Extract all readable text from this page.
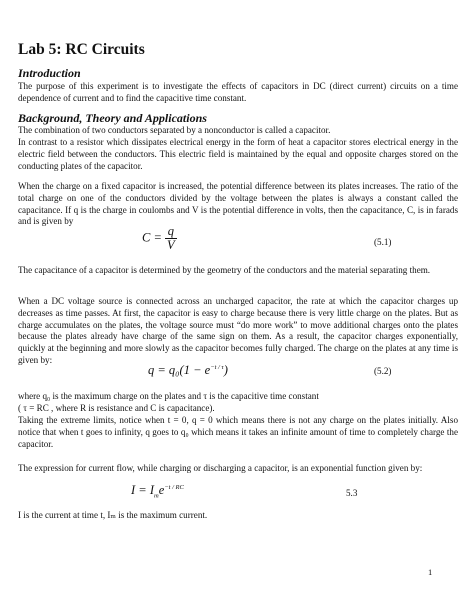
Lab 5: RC Circuits
Introduction
The purpose of this experiment is to investigate the effects of capacitors in DC (direct current) circuits on a time dependence of current and to find the capacitive time constant.
Background, Theory and Applications
The combination of two conductors separated by a nonconductor is called a capacitor.
In contrast to a resistor which dissipates electrical energy in the form of heat a capacitor stores electrical energy in the electric field between the conductors. This electric field is maintained by the equal and opposite charges stored on the conducting plates of the capacitor.
When the charge on a fixed capacitor is increased, the potential difference between its plates increases. The ratio of the total charge on one of the conductors divided by the voltage between the plates is always a constant called the capacitance. If q is the charge in coulombs and V is the potential difference in volts, then the capacitance, C, is in farads and is given by
$C = \frac{q}{V}$	(5.1)
The capacitance of a capacitor is determined by the geometry of the conductors and the material separating them.
When a DC voltage source is connected across an uncharged capacitor, the rate at which the capacitor charges up decreases as time passes. At first, the capacitor is easy to charge because there is very little charge on the plates. But as charge accumulates on the plates, the voltage source must “do more work” to move additional charges onto the plates because the plates already have charge of the same sign on them. As a result, the capacitor charges exponentially, quickly at the beginning and more slowly as the capacitor becomes fully charged. The charge on the plates at any time is given by:
$q = q_0(1 - e^{-t / \tau})$	(5.2)
where q₀ is the maximum charge on the plates and τ is the capacitive time constant
( τ = RC , where R is resistance and C is capacitance).
Taking the extreme limits, notice when t = 0, q = 0 which means there is not any charge on the plates initially. Also notice that when t goes to infinity, q goes to q₀ which means it takes an infinite amount of time to completely charge the capacitor.
The expression for current flow, while charging or discharging a capacitor, is an exponential function given by:
$I = I_me^{-t / RC}$
5.3
I is the current at time t, Iₘ is the maximum current.
1
